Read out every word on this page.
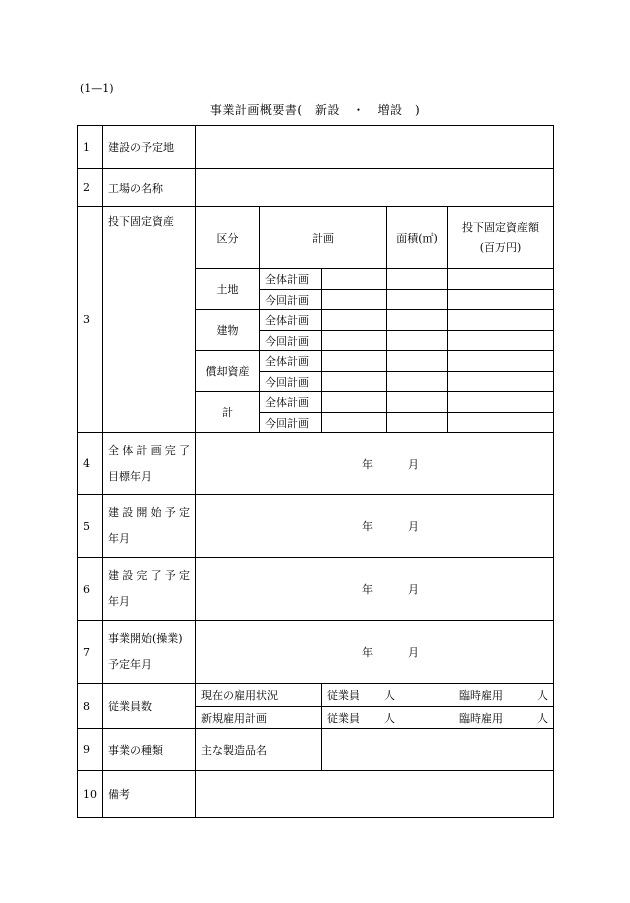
(1—1)
事業計画概要書(　新設　・　増設　)
1	建設の予定地					
2	工場の名称					
3	投下固定資産	区分	計画		面積(㎡)	投下固定資産額
(百万円)

		土地	全体計画			
			今回計画			
		建物	全体計画			
			今回計画			
		償却資産	全体計画			
			今回計画			
		計	全体計画			
			今回計画			
4	全体計画完了
目標年月	年 月				

5	建設開始予定
年月	年 月				

6	建設完了予定
年月	年 月				

7	事業開始(操業)
予定年月	年 月				

8	従業員数	現在の雇用状況		従業員 人 臨時雇用 人		

		新規雇用計画		従業員 人 臨時雇用 人		

9	事業の種類	主な製造品名				
10	備考					
